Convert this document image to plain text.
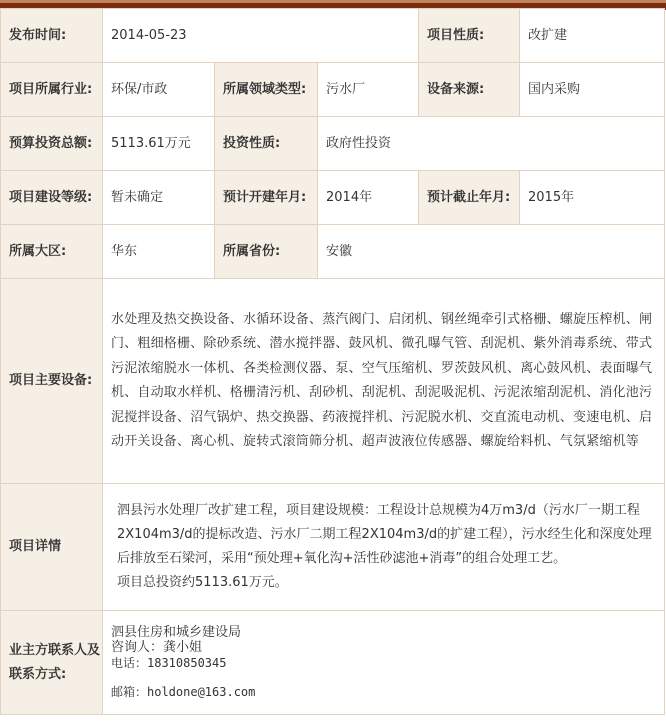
发布时间:	2014-05-23			项目性质:	改扩建
项目所属行业:	环保/市政	所属领域类型:	污水厂	设备来源:	国内采购
预算投资总额:	5113.61万元	投资性质:	政府性投资		
项目建设等级:	暂未确定	预计开建年月:	2014年	预计截止年月:	2015年
所属大区:	华东	所属省份:	安徽		
项目主要设备:	水处理及热交换设备、水循环设备、蒸汽阀门、启闭机、钢丝绳牵引式格栅、螺旋压榨机、闸门、粗细格栅、除砂系统、潜水搅拌器、鼓风机、微孔曝气管、刮泥机、紫外消毒系统、带式污泥浓缩脱水一体机、各类检测仪器、泵、空气压缩机、罗茨鼓风机、离心鼓风机、表面曝气机、自动取水样机、格栅清污机、刮砂机、刮泥机、刮泥吸泥机、污泥浓缩刮泥机、消化池污泥搅拌设备、沼气锅炉、热交换器、药液搅拌机、污泥脱水机、交直流电动机、变速电机、启动开关设备、离心机、旋转式滚筒筛分机、超声波液位传感器、螺旋给料机、气氛紧缩机等				

项目详情	泗县污水处理厂改扩建工程，项目建设规模：工程设计总规模为4万m3/d（污水厂一期工程2X104m3/d的提标改造、污水厂二期工程2X104m3/d的扩建工程），污水经生化和深度处理后排放至石梁河，采用“预处理+氧化沟+活性砂滤池+消毒”的组合处理工艺。
项目总投资约5113.61万元。				

业主方联系人及联系方式:	泗县住房和城乡建设局
咨询人：龚小姐
电话：18310850345
邮箱：holdone@163.com				
